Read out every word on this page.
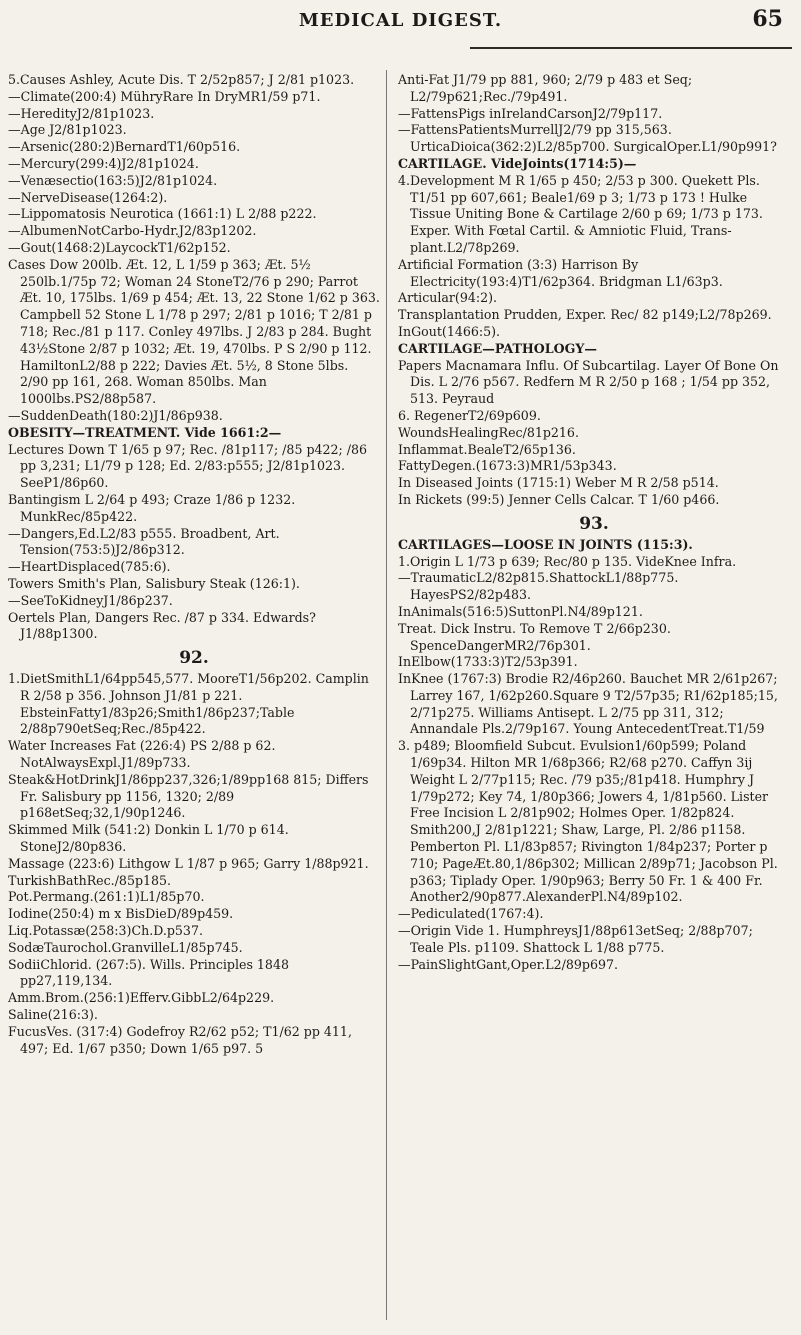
MEDICAL DIGEST.	65

5.Causes Ashley, Acute Dis. T 2/52p857; J 2/81 p1023.

—Climate(200:4) MühryRare In DryMR1/59 p71.

—HeredityJ2/81p1023.

—Age J2/81p1023.

—Arsenic(280:2)BernardT1/60p516.

—Mercury(299:4)J2/81p1024.

—Venæsectio(163:5)J2/81p1024.

—NerveDisease(1264:2).

—Lippomatosis Neurotica (1661:1) L 2/88 p222.

—AlbumenNotCarbo-Hydr.J2/83p1202.

—Gout(1468:2)LaycockT1/62p152.

Cases Dow 200lb. Æt. 12, L 1/59 p 363; Æt. 5½ 250lb.1/75p 72; Woman 24 StoneT2/76 p 290; Parrot Æt. 10, 175lbs. 1/69 p 454; Æt. 13, 22 Stone 1/62 p 363. Campbell 52 Stone L 1/78 p 297; 2/81 p 1016; T 2/81 p 718; Rec./81 p 117. Conley 497lbs. J 2/83 p 284. Bught 43½Stone 2/87 p 1032; Æt. 19, 470lbs. P S 2/90 p 112. HamiltonL2/88 p 222; Davies Æt. 5½, 8 Stone 5lbs. 2/90 pp 161, 268. Woman 850lbs. Man 1000lbs.PS2/88p587.

—SuddenDeath(180:2)J1/86p938.

OBESITY—TREATMENT. Vide 1661:2—

Lectures Down T 1/65 p 97; Rec. /81p117; /85 p422; /86 pp 3,231; L1/79 p 128; Ed. 2/83:p555; J2/81p1023. SeeP1/86p60.

Bantingism L 2/64 p 493; Craze 1/86 p 1232. MunkRec/85p422.

—Dangers,Ed.L2/83 p555. Broadbent, Art. Tension(753:5)J2/86p312.

—HeartDisplaced(785:6).

Towers Smith's Plan, Salisbury Steak (126:1).

—SeeToKidneyJ1/86p237.

Oertels Plan, Dangers Rec. /87 p 334. Edwards?J1/88p1300.

92.

1.DietSmithL1/64pp545,577. MooreT1/56p202. Camplin R 2/58 p 356. Johnson J1/81 p 221. EbsteinFatty1/83p26;Smith1/86p237;Table 2/88p790etSeq;Rec./85p422.

Water Increases Fat (226:4) PS 2/88 p 62. NotAlwaysExpl.J1/89p733.

Steak&HotDrinkJ1/86pp237,326;1/89pp168 815; Differs Fr. Salisbury pp 1156, 1320; 2/89 p168etSeq;32,1/90p1246.

Skimmed Milk (541:2) Donkin L 1/70 p 614. StoneJ2/80p836.

Massage (223:6) Lithgow L 1/87 p 965; Garry 1/88p921.

TurkishBathRec./85p185.

Pot.Permang.(261:1)L1/85p70.

Iodine(250:4) m x BisDieD/89p459.

Liq.Potassæ(258:3)Ch.D.p537.

SodæTaurochol.GranvilleL1/85p745.

SodiiChlorid. (267:5). Wills. Principles 1848 pp27,119,134.

Amm.Brom.(256:1)Efferv.GibbL2/64p229.

Saline(216:3).

FucusVes. (317:4) Godefroy R2/62 p52; T1/62 pp 411, 497; Ed. 1/67 p350; Down 1/65 p97. 5

Anti-Fat J1/79 pp 881, 960; 2/79 p 483 et Seq; L2/79p621;Rec./79p491.

—FattensPigs inIrelandCarsonJ2/79p117.

—FattensPatientsMurrellJ2/79 pp 315,563. UrticaDioica(362:2)L2/85p700. SurgicalOper.L1/90p991?

CARTILAGE. VideJoints(1714:5)—

4.Development M R 1/65 p 450; 2/53 p 300. Quekett Pls. T1/51 pp 607,661; Beale1/69 p 3; 1/73 p 173 ! Hulke Tissue Uniting Bone & Cartilage 2/60 p 69; 1/73 p 173. Exper. With Fœtal Cartil. & Amniotic Fluid, Trans-plant.L2/78p269.

Artificial Formation (3:3) Harrison By Electricity(193:4)T1/62p364. Bridgman L1/63p3.

Articular(94:2).

Transplantation Prudden, Exper. Rec/ 82 p149;L2/78p269.

InGout(1466:5).

CARTILAGE—PATHOLOGY—

Papers Macnamara Influ. Of Subcartilag. Layer Of Bone On Dis. L 2/76 p567. Redfern M R 2/50 p 168 ; 1/54 pp 352, 513. Peyraud

6. RegenerT2/69p609.

WoundsHealingRec/81p216.

Inflammat.BealeT2/65p136.

FattyDegen.(1673:3)MR1/53p343.

In Diseased Joints (1715:1) Weber M R 2/58 p514.

In Rickets (99:5) Jenner Cells Calcar. T 1/60 p466.

93.

CARTILAGES—LOOSE IN JOINTS (115:3).

1.Origin L 1/73 p 639; Rec/80 p 135. VideKnee Infra.

—TraumaticL2/82p815.ShattockL1/88p775. HayesPS2/82p483.

InAnimals(516:5)SuttonPl.N4/89p121.

Treat. Dick Instru. To Remove T 2/66p230. SpenceDangerMR2/76p301.

InElbow(1733:3)T2/53p391.

InKnee (1767:3) Brodie R2/46p260. Bauchet MR 2/61p267; Larrey 167, 1/62p260.Square 9 T2/57p35; R1/62p185;15, 2/71p275. Williams Antisept. L 2/75 pp 311, 312; Annandale Pls.2/79p167. Young AntecedentTreat.T1/59

3. p489; Bloomfield Subcut. Evulsion1/60p599; Poland 1/69p34. Hilton MR 1/68p366; R2/68 p270. Caffyn 3ij Weight L 2/77p115; Rec. /79 p35;/81p418. Humphry J 1/79p272; Key 74, 1/80p366; Jowers 4, 1/81p560. Lister Free Incision L 2/81p902; Holmes Oper. 1/82p824. Smith200,J 2/81p1221; Shaw, Large, Pl. 2/86 p1158. Pemberton Pl. L1/83p857; Rivington 1/84p237; Porter p 710; PageÆt.80,1/86p302; Millican 2/89p71; Jacobson Pl. p363; Tiplady Oper. 1/90p963; Berry 50 Fr. 1 & 400 Fr. Another2/90p877.AlexanderPl.N4/89p102.

—Pediculated(1767:4).

—Origin Vide 1. HumphreysJ1/88p613etSeq; 2/88p707; Teale Pls. p1109. Shattock L 1/88 p775.

—PainSlightGant,Oper.L2/89p697.
